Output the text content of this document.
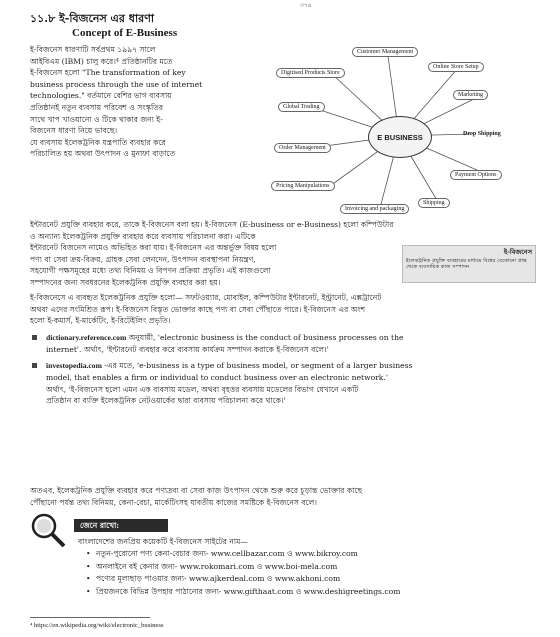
৩৭৪
১১.৮ ই-বিজনেস এর ধারণা
Concept of E-Business

ই-বিজনেস ধারণাটি সর্বপ্রথম ১৯৯৭ সালে

আইবিএম (IBM) চালু করে।⁴ প্রতিষ্ঠানটির মতে

ই-বিজনেস হলো "The transformation of key

business process through the use of internet

technologies." বর্তমানে বেশির ভাগ ব্যবসায়

প্রতিষ্ঠানই নতুন ব্যবসায় পরিবেশ ও সংস্কৃতির

সাথে খাপ খাওয়ানো ও টিকে থাকার জন্য ই-

বিজনেস ধারণা নিয়ে ভাবছে।

যে ব্যবসায় ইলেকট্রনিক যন্ত্রপাতি ব্যবহার করে

পরিচালিত হয় অথবা উৎপাদন ও মুনাফা বাড়াতে

E BUSINESS
Customer Management
Online Store Setup
Marketing
Drop Shipping
Payment Options
Shipping
Invoicing and packaging
Pricing Manipulations
Order Management
Global Trading
Digitised Products Store

ইন্টারনেট প্রযুক্তি ব্যবহার করে, তাকে ই-বিজনেস বলা হয়। ই-বিজনেস (E-business or e-Business) হলো কম্পিউটার

ও অন্যান্য ইলেকট্রনিক প্রযুক্তি ব্যবহার করে ব্যবসায় পরিচালনা করা। এটিকে

ইন্টারনেট বিজনেস নামেও অভিহিত করা যায়। ই-বিজনেস এর অন্তর্ভুক্ত বিষয় হলো

পণ্য বা সেবা ক্রয়-বিক্রয়, গ্রাহক সেবা লেনদেন, উৎপাদন ব্যবস্থাপনা নিয়ন্ত্রণ,

সহযোগী পক্ষসমূহের মধ্যে তথ্য বিনিময় ও বিপণন প্রক্রিয়া প্রভৃতি। এই কাজগুলো

সম্পাদনের জন্য সবধরনের ইলেকট্রনিক প্রযুক্তি ব্যবহার করা হয়।

ই-বিজনেস
ইলেকট্রনিক প্রযুক্তি ব্যবহারের মাধ্যমে বিশ্বের যেকোনো প্রান্ত থেকে ব্যবসায়িক কাজ সম্পাদন

ই-বিজনেসে এ ব্যবহৃত ইলেকট্রনিক প্রযুক্তি হলো— সফটওয়্যার, মোবাইল, কম্পিউটার ইন্টারনেট, ইন্ট্রানেট, এক্সট্রানেট

অথবা এদের সংমিশ্রিত রূপ। ই-বিজনেস বিস্তৃত ভোক্তার কাছে পণ্য বা সেবা পৌঁছাতে পারে। ই-বিজনেস এর অংশ

হলো ই-কমার্স, ই-মার্কেটিং, ই-রিটেইলিং প্রভৃতি।

dictionary.reference.com অনুযায়ী, 'electronic business is the conduct of business processes on the
internet'. অর্থাৎ, 'ইন্টারনেট ব্যবহার করে ব্যবসায় কার্যক্রম সম্পাদন করাকে ই-বিজনেস বলে।'
investopedia.com -এর মতে, 'e-business is a type of business model, or segment of a larger business
model, that enables a firm or individual to conduct business over an electronic network.'
অর্থাৎ, 'ই-বিজনেস হলো এমন এক ব্যবসায় মডেল, অথবা বৃহত্তর ব্যবসায় মডেলের বিভাগ যেখানে একটি
প্রতিষ্ঠান বা ব্যক্তি ইলেকট্রনিক নেটওয়ার্কের দ্বারা ব্যবসায় পরিচালনা করে থাকে।'

অতএব, ইলেকট্রনিক প্রযুক্তি ব্যবহার করে পণ্যদ্রব্য বা সেবা কাজ উৎপাদন থেকে শুরু করে চূড়ান্ত ভোক্তার কাছে

পৌঁছানো পর্যন্ত তথ্য বিনিময়, কেনা-বেচা, মার্কেটিংসহ যাবতীয় কাজের সমষ্টিকে ই-বিজনেস বলে।

জেনে রাখো:
বাংলাদেশের জনপ্রিয় কয়েকটি ই-বিজনেস সাইটের নাম—
• নতুন-পুরোনো পণ্য কেনা-বেচার জন্য- www.cellbazar.com ও www.bikroy.com
• অনলাইনে বই কেনার জন্য- www.rokomari.com ও www.boi-mela.com
• পণ্যের মূল্যছাড় পাওয়ার জন্য- www.ajkerdeal.com ও www.akhoni.com
• প্রিয়জনকে বিভিন্ন উপহার পাঠানোর জন্য- www.gifthaat.com ও www.deshigreetings.com
⁴ https://en.wikipedia.org/wiki/electronic_business
